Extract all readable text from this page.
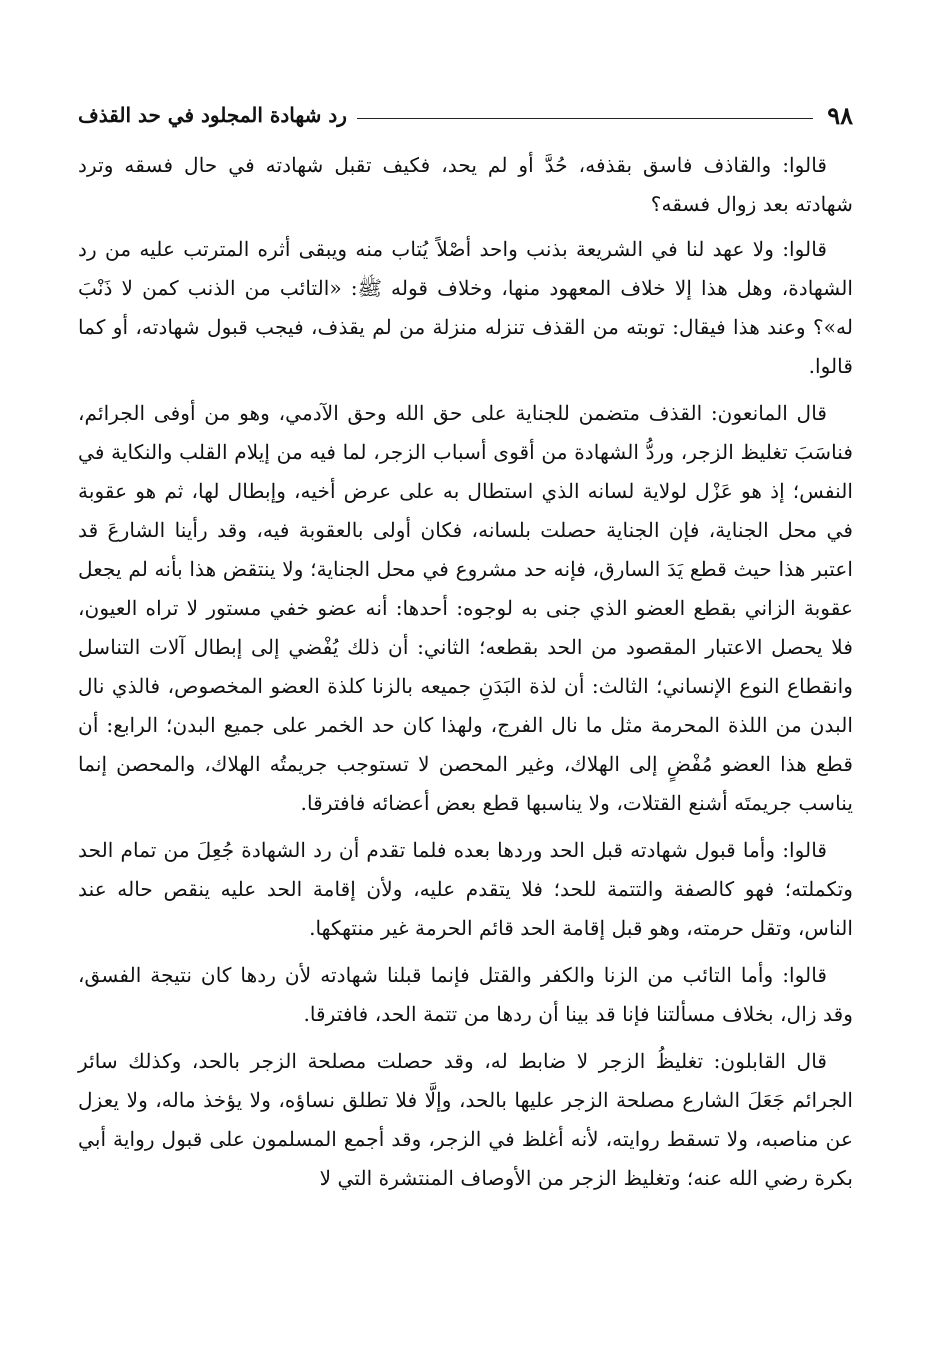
٩٨
رد شهادة المجلود في حد القذف

قالوا: والقاذف فاسق بقذفه، حُدَّ أو لم يحد، فكيف تقبل شهادته في حال فسقه وترد شهادته بعد زوال فسقه؟

قالوا: ولا عهد لنا في الشريعة بذنب واحد أصْلاً يُتاب منه ويبقى أثره المترتب عليه من رد الشهادة، وهل هذا إلا خلاف المعهود منها، وخلاف قوله ﷺ: «التائب من الذنب كمن لا ذَنْبَ له»؟ وعند هذا فيقال: توبته من القذف تنزله منزلة من لم يقذف، فيجب قبول شهادته، أو كما قالوا.

قال المانعون: القذف متضمن للجناية على حق الله وحق الآدمي، وهو من أوفى الجرائم، فناسَبَ تغليظ الزجر، وردُّ الشهادة من أقوى أسباب الزجر، لما فيه من إيلام القلب والنكاية في النفس؛ إذ هو عَزْل لولاية لسانه الذي استطال به على عرض أخيه، وإبطال لها، ثم هو عقوبة في محل الجناية، فإن الجناية حصلت بلسانه، فكان أولى بالعقوبة فيه، وقد رأينا الشارعَ قد اعتبر هذا حيث قطع يَدَ السارق، فإنه حد مشروع في محل الجناية؛ ولا ينتقض هذا بأنه لم يجعل عقوبة الزاني بقطع العضو الذي جنى به لوجوه: أحدها: أنه عضو خفي مستور لا تراه العيون، فلا يحصل الاعتبار المقصود من الحد بقطعه؛ الثاني: أن ذلك يُفْضي إلى إبطال آلات التناسل وانقطاع النوع الإنساني؛ الثالث: أن لذة البَدَنِ جميعه بالزنا كلذة العضو المخصوص، فالذي نال البدن من اللذة المحرمة مثل ما نال الفرج، ولهذا كان حد الخمر على جميع البدن؛ الرابع: أن قطع هذا العضو مُفْضٍ إلى الهلاك، وغير المحصن لا تستوجب جريمتُه الهلاك، والمحصن إنما يناسب جريمتَه أشنع القتلات، ولا يناسبها قطع بعض أعضائه فافترقا.

قالوا: وأما قبول شهادته قبل الحد وردها بعده فلما تقدم أن رد الشهادة جُعِلَ من تمام الحد وتكملته؛ فهو كالصفة والتتمة للحد؛ فلا يتقدم عليه، ولأن إقامة الحد عليه ينقص حاله عند الناس، وتقل حرمته، وهو قبل إقامة الحد قائم الحرمة غير منتهكها.

قالوا: وأما التائب من الزنا والكفر والقتل فإنما قبلنا شهادته لأن ردها كان نتيجة الفسق، وقد زال، بخلاف مسألتنا فإنا قد بينا أن ردها من تتمة الحد، فافترقا.

قال القابلون: تغليظُ الزجر لا ضابط له، وقد حصلت مصلحة الزجر بالحد، وكذلك سائر الجرائم جَعَلَ الشارع مصلحة الزجر عليها بالحد، وإلَّا فلا تطلق نساؤه، ولا يؤخذ ماله، ولا يعزل عن مناصبه، ولا تسقط روايته، لأنه أغلظ في الزجر، وقد أجمع المسلمون على قبول رواية أبي بكرة رضي الله عنه؛ وتغليظ الزجر من الأوصاف المنتشرة التي لا
